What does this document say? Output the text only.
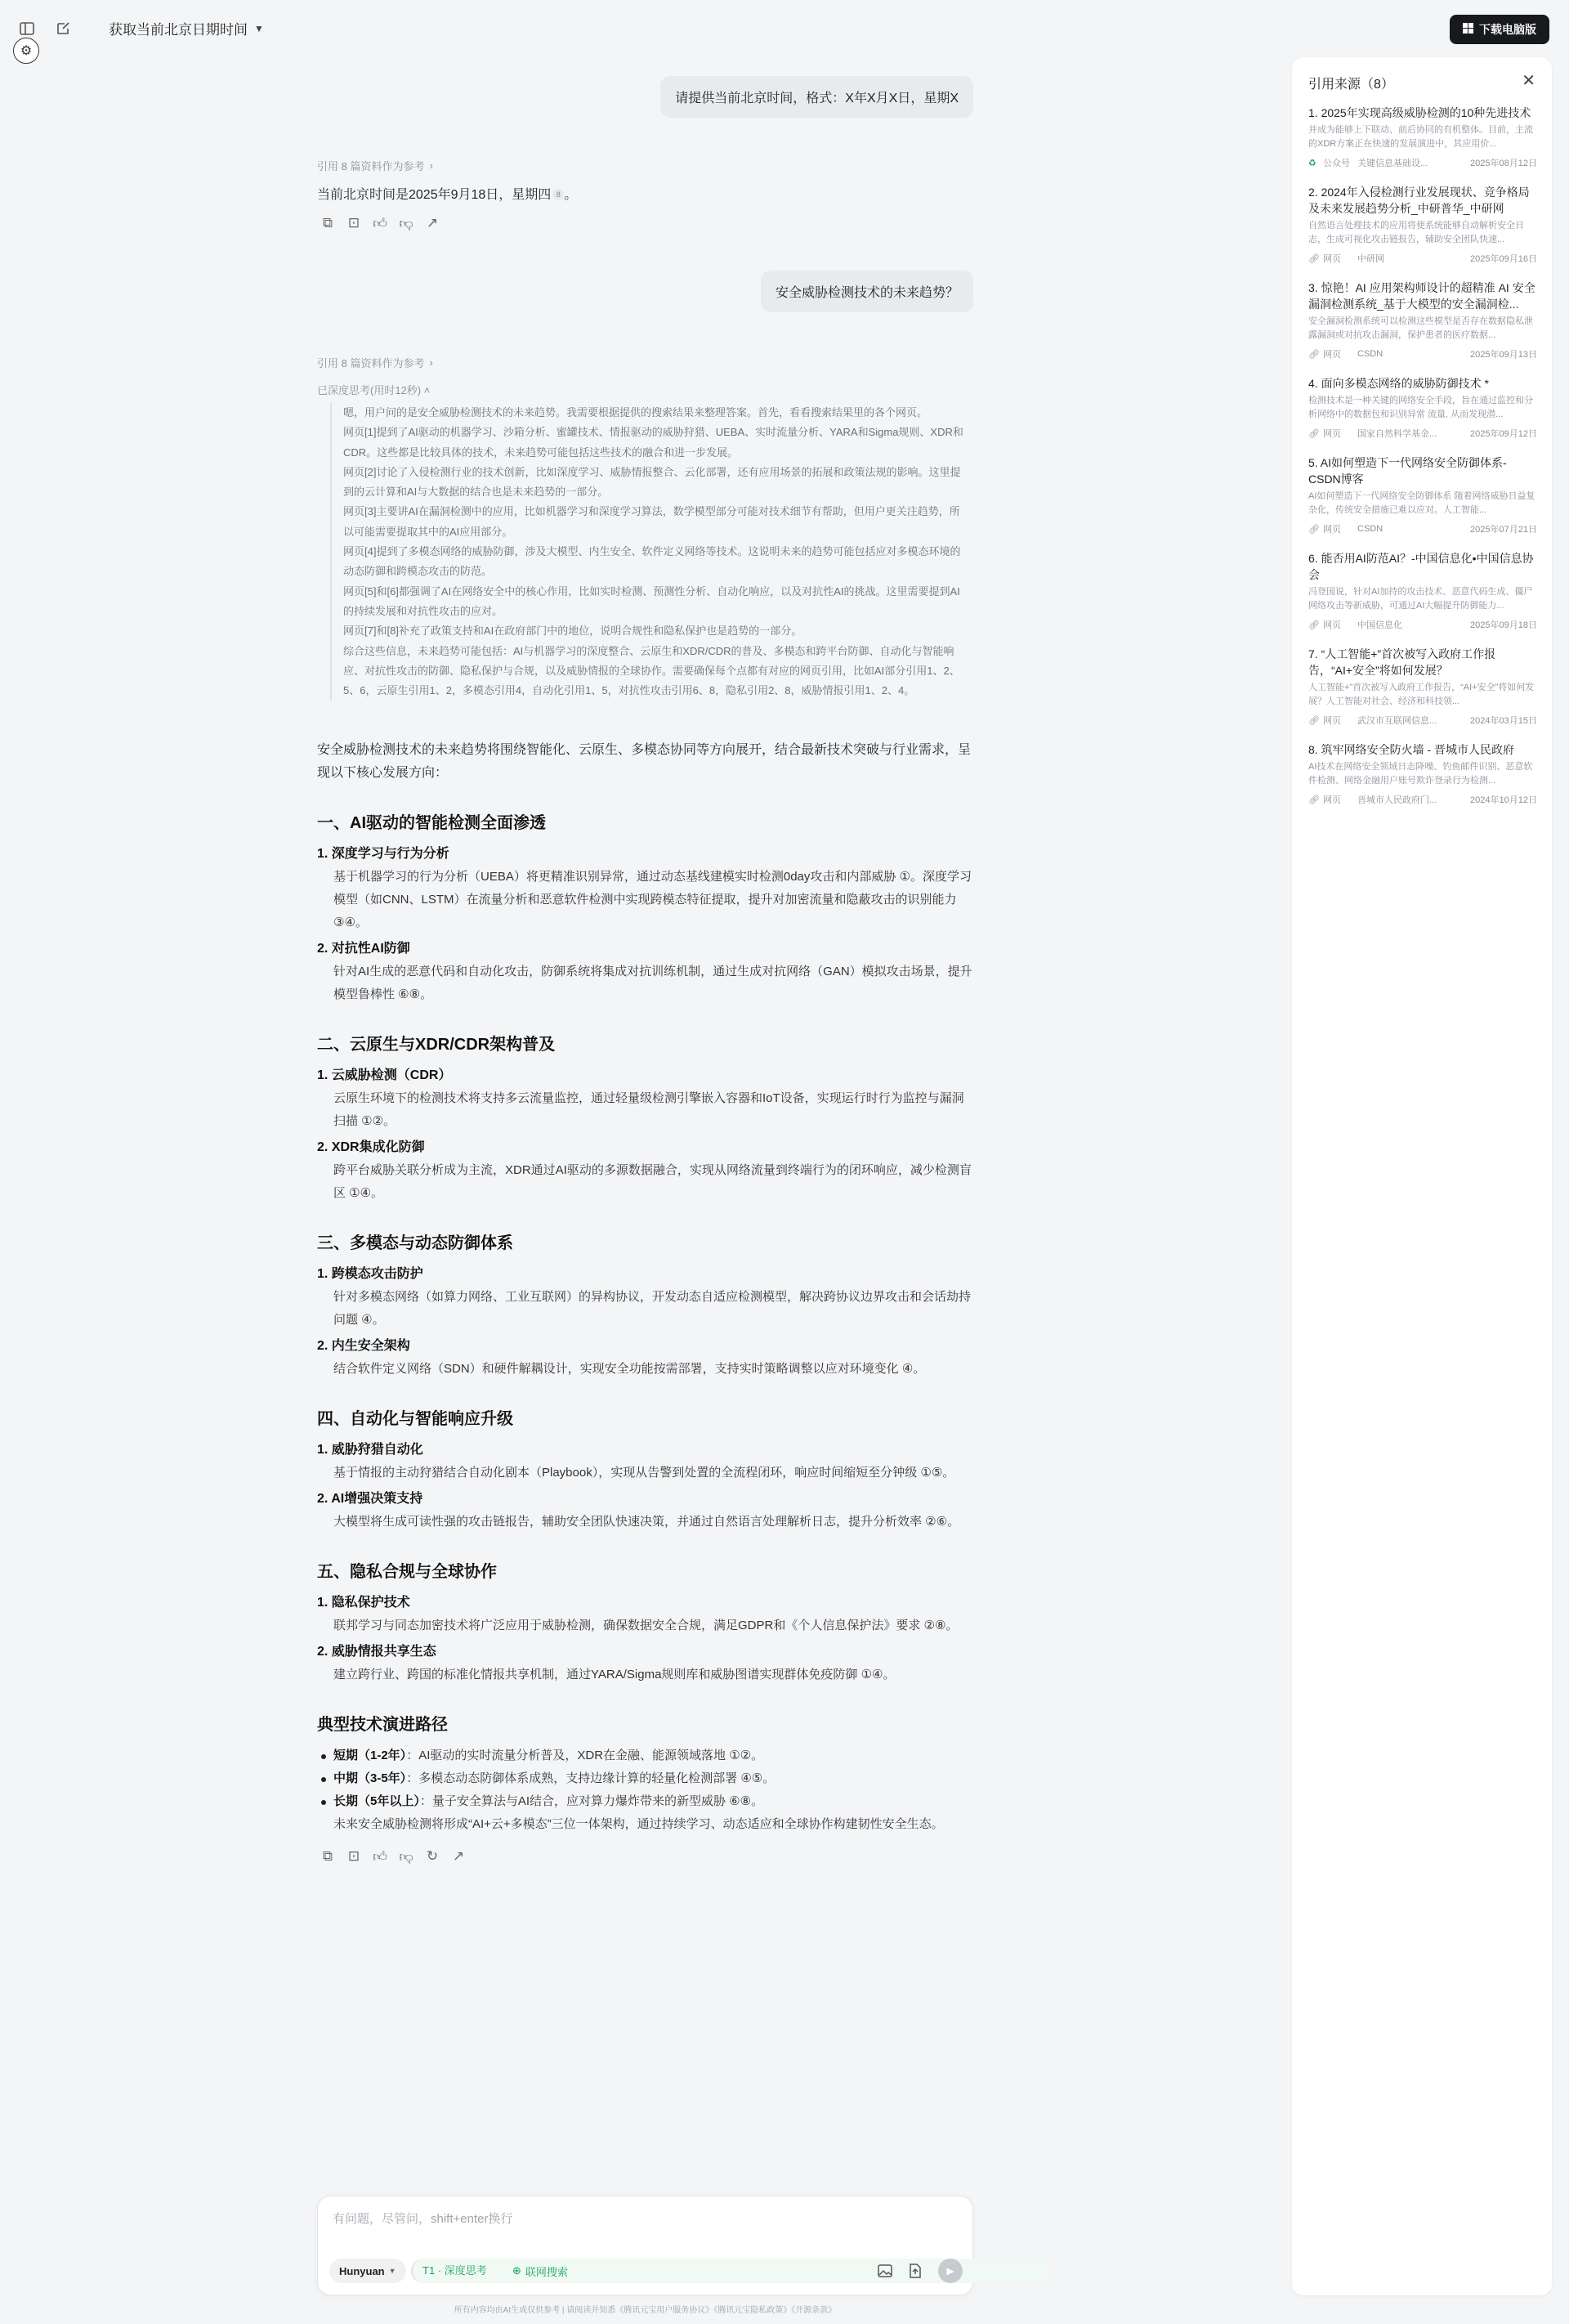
获取当前北京日期时间 ▼	下载电脑版
⚙
请提供当前北京时间，格式：X年X月X日，星期X
引用 8 篇资料作为参考 ›
当前北京时间是2025年9月18日，星期四 8 。
⧉ ⊡ 👍︎ 👎︎ ↗
安全威胁检测技术的未来趋势？
引用 8 篇资料作为参考 ›
已深度思考(用时12秒) ˄

嗯，用户问的是安全威胁检测技术的未来趋势。我需要根据提供的搜索结果来整理答案。首先，看看搜索结果里的各个网页。

网页[1]提到了AI驱动的机器学习、沙箱分析、蜜罐技术、情报驱动的威胁狩猎、UEBA、实时流量分析、YARA和Sigma规则、XDR和CDR。这些都是比较具体的技术，未来趋势可能包括这些技术的融合和进一步发展。

网页[2]讨论了入侵检测行业的技术创新，比如深度学习、威胁情报整合、云化部署，还有应用场景的拓展和政策法规的影响。这里提到的云计算和AI与大数据的结合也是未来趋势的一部分。

网页[3]主要讲AI在漏洞检测中的应用，比如机器学习和深度学习算法，数学模型部分可能对技术细节有帮助，但用户更关注趋势，所以可能需要提取其中的AI应用部分。

网页[4]提到了多模态网络的威胁防御，涉及大模型、内生安全、软件定义网络等技术。这说明未来的趋势可能包括应对多模态环境的动态防御和跨模态攻击的防范。

网页[5]和[6]都强调了AI在网络安全中的核心作用，比如实时检测、预测性分析、自动化响应，以及对抗性AI的挑战。这里需要提到AI的持续发展和对抗性攻击的应对。

网页[7]和[8]补充了政策支持和AI在政府部门中的地位，说明合规性和隐私保护也是趋势的一部分。

综合这些信息，未来趋势可能包括：AI与机器学习的深度整合、云原生和XDR/CDR的普及、多模态和跨平台防御、自动化与智能响应、对抗性攻击的防御、隐私保护与合规，以及威胁情报的全球协作。需要确保每个点都有对应的网页引用，比如AI部分引用1、2、5、6，云原生引用1、2，多模态引用4，自动化引用1、5，对抗性攻击引用6、8，隐私引用2、8，威胁情报引用1、2、4。

安全威胁检测技术的未来趋势将围绕智能化、云原生、多模态协同等方向展开，结合最新技术突破与行业需求，呈现以下核心发展方向：

一、AI驱动的智能检测全面渗透
1. 深度学习与行为分析
基于机器学习的行为分析（UEBA）将更精准识别异常，通过动态基线建模实时检测0day攻击和内部威胁 ①。深度学习模型（如CNN、LSTM）在流量分析和恶意软件检测中实现跨模态特征提取，提升对加密流量和隐蔽攻击的识别能力 ③④。
2. 对抗性AI防御
针对AI生成的恶意代码和自动化攻击，防御系统将集成对抗训练机制，通过生成对抗网络（GAN）模拟攻击场景，提升模型鲁棒性 ⑥⑧。
二、云原生与XDR/CDR架构普及
1. 云威胁检测（CDR）
云原生环境下的检测技术将支持多云流量监控，通过轻量级检测引擎嵌入容器和IoT设备，实现运行时行为监控与漏洞扫描 ①②。
2. XDR集成化防御
跨平台威胁关联分析成为主流，XDR通过AI驱动的多源数据融合，实现从网络流量到终端行为的闭环响应，减少检测盲区 ①④。
三、多模态与动态防御体系
1. 跨模态攻击防护
针对多模态网络（如算力网络、工业互联网）的异构协议，开发动态自适应检测模型，解决跨协议边界攻击和会话劫持问题 ④。
2. 内生安全架构
结合软件定义网络（SDN）和硬件解耦设计，实现安全功能按需部署，支持实时策略调整以应对环境变化 ④。
四、自动化与智能响应升级
1. 威胁狩猎自动化
基于情报的主动狩猎结合自动化剧本（Playbook），实现从告警到处置的全流程闭环，响应时间缩短至分钟级 ①⑤。
2. AI增强决策支持
大模型将生成可读性强的攻击链报告，辅助安全团队快速决策，并通过自然语言处理解析日志，提升分析效率 ②⑥。
五、隐私合规与全球协作
1. 隐私保护技术
联邦学习与同态加密技术将广泛应用于威胁检测，确保数据安全合规，满足GDPR和《个人信息保护法》要求 ②⑧。
2. 威胁情报共享生态
建立跨行业、跨国的标准化情报共享机制，通过YARA/Sigma规则库和威胁图谱实现群体免疫防御 ①④。
典型技术演进路径
短期（1-2年）：AI驱动的实时流量分析普及，XDR在金融、能源领域落地 ①②。
中期（3-5年）：多模态动态防御体系成熟，支持边缘计算的轻量化检测部署 ④⑤。
长期（5年以上）：量子安全算法与AI结合，应对算力爆炸带来的新型威胁 ⑥⑧。

未来安全威胁检测将形成“AI+云+多模态”三位一体架构，通过持续学习、动态适应和全球协作构建韧性安全生态。

⧉ ⊡ 👍︎ 👎︎ ↻ ↗
有问题，尽管问，shift+enter换行
Hunyuan ▼ T1 · 深度思考 ⊕ 联网搜索	▶
所有内容均由AI生成仅供参考 | 请阅读并知悉《腾讯元宝用户服务协议》《腾讯元宝隐私政策》《开源条款》
引用来源（8）	✕
1. 2025年实现高级威胁检测的10种先进技术
并成为能够上下联动、前后协同的有机整体。目前，主流的XDR方案正在快速的发展演进中，其应用价...
♻ 公众号 关键信息基础设...	2025年08月12日
2. 2024年入侵检测行业发展现状、竞争格局及未来发展趋势分析_中研普华_中研网
自然语言处理技术的应用将使系统能够自动解析安全日志，生成可视化攻击链报告，辅助安全团队快速...
🔗︎ 网页	中研网	2025年09月16日
3. 惊艳！AI 应用架构师设计的超精准 AI 安全漏洞检测系统_基于大模型的安全漏洞检...
安全漏洞检测系统可以检测这些模型是否存在数据隐私泄露漏洞或对抗攻击漏洞，保护患者的医疗数据...
🔗︎ 网页	CSDN	2025年09月13日
4. 面向多模态网络的威胁防御技术 *
检测技术是一种关键的网络安全手段，旨在通过监控和分析网络中的数据包和识别异常 流量, 从而发现潜...
🔗︎ 网页	国家自然科学基金...	2025年09月12日
5. AI如何塑造下一代网络安全防御体系-CSDN博客
AI如何塑造下一代网络安全防御体系 随着网络威胁日益复杂化，传统安全措施已难以应对。人工智能...
🔗︎ 网页	CSDN	2025年07月21日
6. 能否用AI防范AI？-中国信息化•中国信息协会
冯登国说，针对AI加持的攻击技术、恶意代码生成、僵尸网络攻击等新威胁，可通过AI大幅提升防御能力...
🔗︎ 网页	中国信息化	2025年09月18日
7. “人工智能+”首次被写入政府工作报告，“AI+安全”将如何发展？
人工智能+”首次被写入政府工作报告，“AI+安全”将如何发展？人工智能对社会、经济和科技领...
🔗︎ 网页	武汉市互联网信息...	2024年03月15日
8. 筑牢网络安全防火墙 - 晋城市人民政府
AI技术在网络安全领域日志降噪、钓鱼邮件识别、恶意软件检测、网络金融用户账号欺诈登录行为检测...
🔗︎ 网页	晋城市人民政府门...	2024年10月12日
